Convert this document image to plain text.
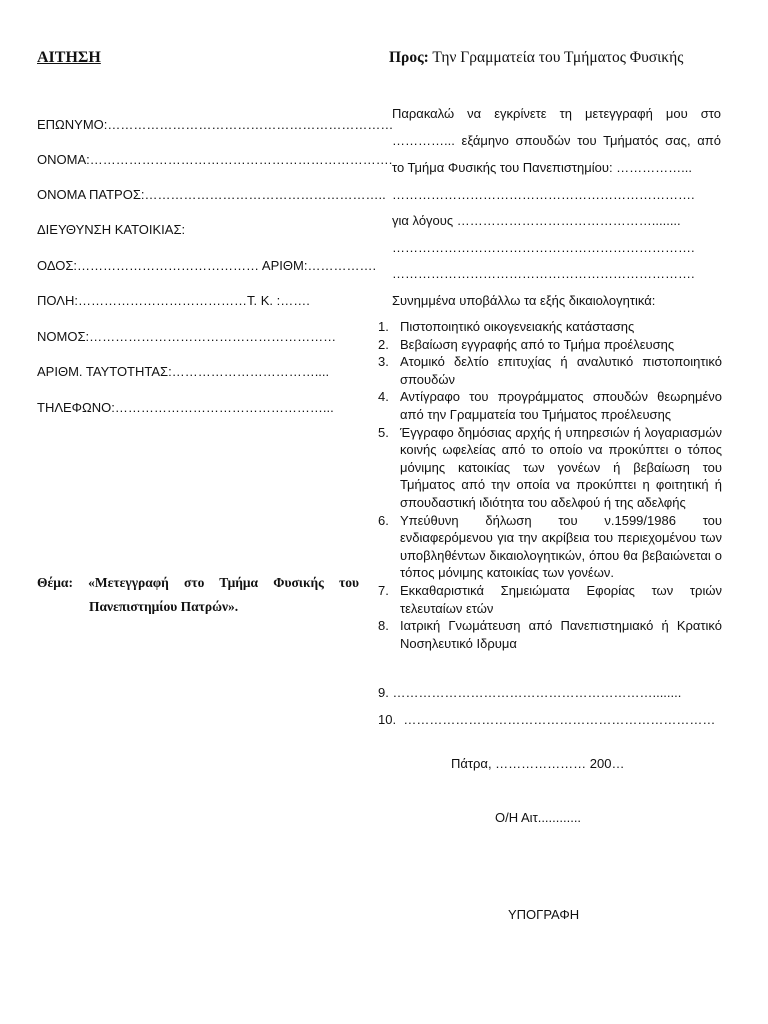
ΑΙΤΗΣΗ	Προς: Την Γραμματεία του Τμήματος Φυσικής
ΕΠΩΝΥΜΟ:…………………………………………………………
ΟΝΟΜΑ:…………………………………………………………….
ΟΝΟΜΑ ΠΑΤΡΟΣ:………………………………………………..
ΔΙΕΥΘΥΝΣΗ ΚΑΤΟΙΚΙΑΣ:
ΟΔΟΣ:…………………………………… ΑΡΙΘΜ:…………….
ΠΟΛΗ:…………………………………Τ. Κ. :…….
ΝΟΜΟΣ:…………………………………………………
ΑΡΙΘΜ. ΤΑΥΤΟΤΗΤΑΣ:……………………………....
ΤΗΛΕΦΩΝΟ:…………………………………………...
Θέμα: «Μετεγγραφή στο Τμήμα Φυσικής του
Πανεπιστημίου Πατρών».
Παρακαλώ να εγκρίνετε τη μετεγγραφή μου στο
…………... εξάμηνο σπουδών του Τμήματός σας, από
το Τμήμα Φυσικής του Πανεπιστημίου: ……………...
…………………………………………………………….
για λόγους ………………………………………........
…………………………………………………………….
…………………………………………………………….
Συνημμένα υποβάλλω τα εξής δικαιολογητικά:
1. Πιστοποιητικό οικογενειακής κατάστασης
2. Βεβαίωση εγγραφής από το Τμήμα προέλευσης
3. Ατομικό δελτίο επιτυχίας ή αναλυτικό πιστοποιητικό σπουδών
4. Αντίγραφο του προγράμματος σπουδών θεωρημένο από την Γραμματεία του Τμήματος προέλευσης
5. Έγγραφο δημόσιας αρχής ή υπηρεσιών ή λογαριασμών κοινής ωφελείας από το οποίο να προκύπτει ο τόπος μόνιμης κατοικίας των γονέων ή βεβαίωση του Τμήματος από την οποία να προκύπτει η φοιτητική ή σπουδαστική ιδιότητα του αδελφού ή της αδελφής
6. Υπεύθυνη δήλωση του ν.1599/1986 του ενδιαφερόμενου για την ακρίβεια του περιεχομένου των υποβληθέντων δικαιολογητικών, όπου θα βεβαιώνεται ο τόπος μόνιμης κατοικίας των γονέων.
7. Εκκαθαριστικά Σημειώματα Εφορίας των τριών τελευταίων ετών
8. Ιατρική Γνωμάτευση από Πανεπιστημιακό ή Κρατικό Νοσηλευτικό Ιδρυμα
9. ……………………………………………………........
10. ………………………………………………………………
Πάτρα, ………………… 200…
Ο/Η Αιτ............
ΥΠΟΓΡΑΦΗ
